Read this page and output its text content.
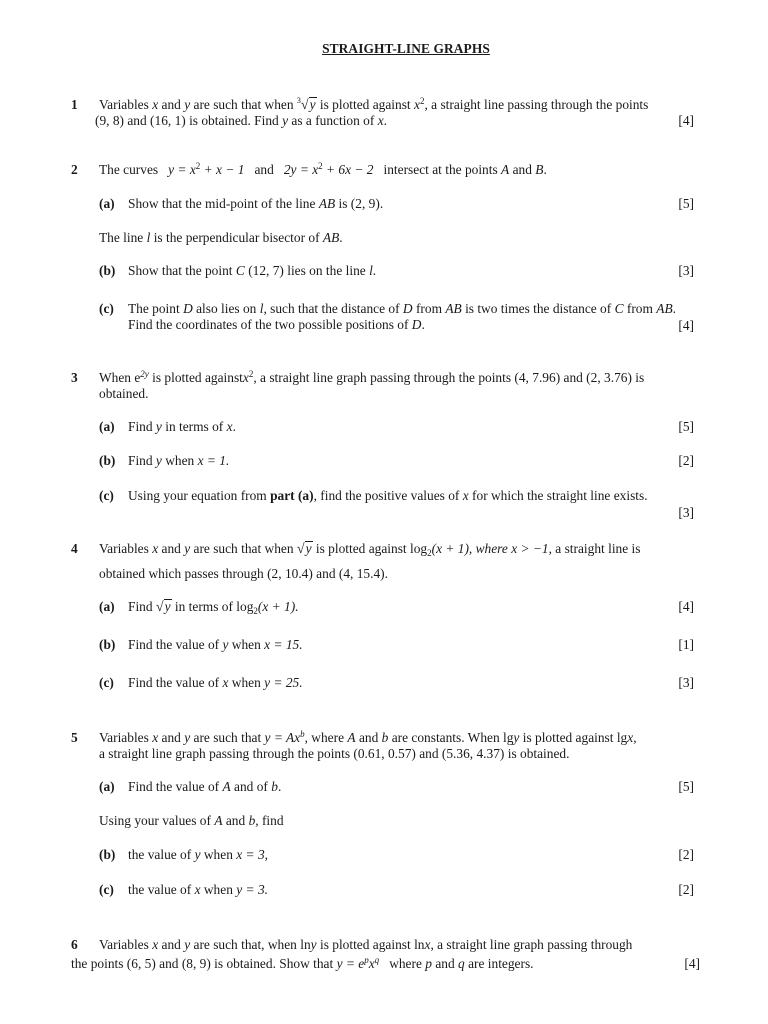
STRAIGHT-LINE GRAPHS
1 Variables x and y are such that when $^3$√y is plotted against $x^2$, a straight line passing through the points
(9, 8) and (16, 1) is obtained. Find y as a function of x.	[4]
2 The curves $y = x^2 + x - 1$ and $2y = x^2 + 6x - 2$ intersect at the points A and B.
(a) Show that the mid-point of the line AB is (2, 9).	[5]
The line l is the perpendicular bisector of AB.
(b) Show that the point C (12, 7) lies on the line l.	[3]
(c) The point D also lies on l, such that the distance of D from AB is two times the distance of C from AB. Find the coordinates of the two possible positions of D.	[4]
3 When $e^{2y}$ is plotted againstx$^2$, a straight line graph passing through the points (4, 7.96) and (2, 3.76) is
obtained.
(a) Find y in terms of x.	[5]
(b) Find y when x = 1.	[2]
(c) Using your equation from part (a), find the positive values of x for which the straight line exists.
[3]
4 Variables x and y are such that when √y is plotted against $\log_2(x + 1)$, where x > −1, a straight line is
obtained which passes through (2, 10.4) and (4, 15.4).
(a) Find √y in terms of $\log_2(x + 1)$.	[4]
(b) Find the value of y when x = 15.	[1]
(c) Find the value of x when y = 25.	[3]
5 Variables x and y are such that $y = Ax^b$, where A and b are constants. When lgy is plotted against lgx,
a straight line graph passing through the points (0.61, 0.57) and (5.36, 4.37) is obtained.
(a) Find the value of A and of b.	[5]
Using your values of A and b, find
(b) the value of y when x = 3,	[2]
(c) the value of x when y = 3.	[2]
6 Variables x and y are such that, when lny is plotted against lnx, a straight line graph passing through
the points (6, 5) and (8, 9) is obtained. Show that $y = e^px^q$ where p and q are integers.	[4]
